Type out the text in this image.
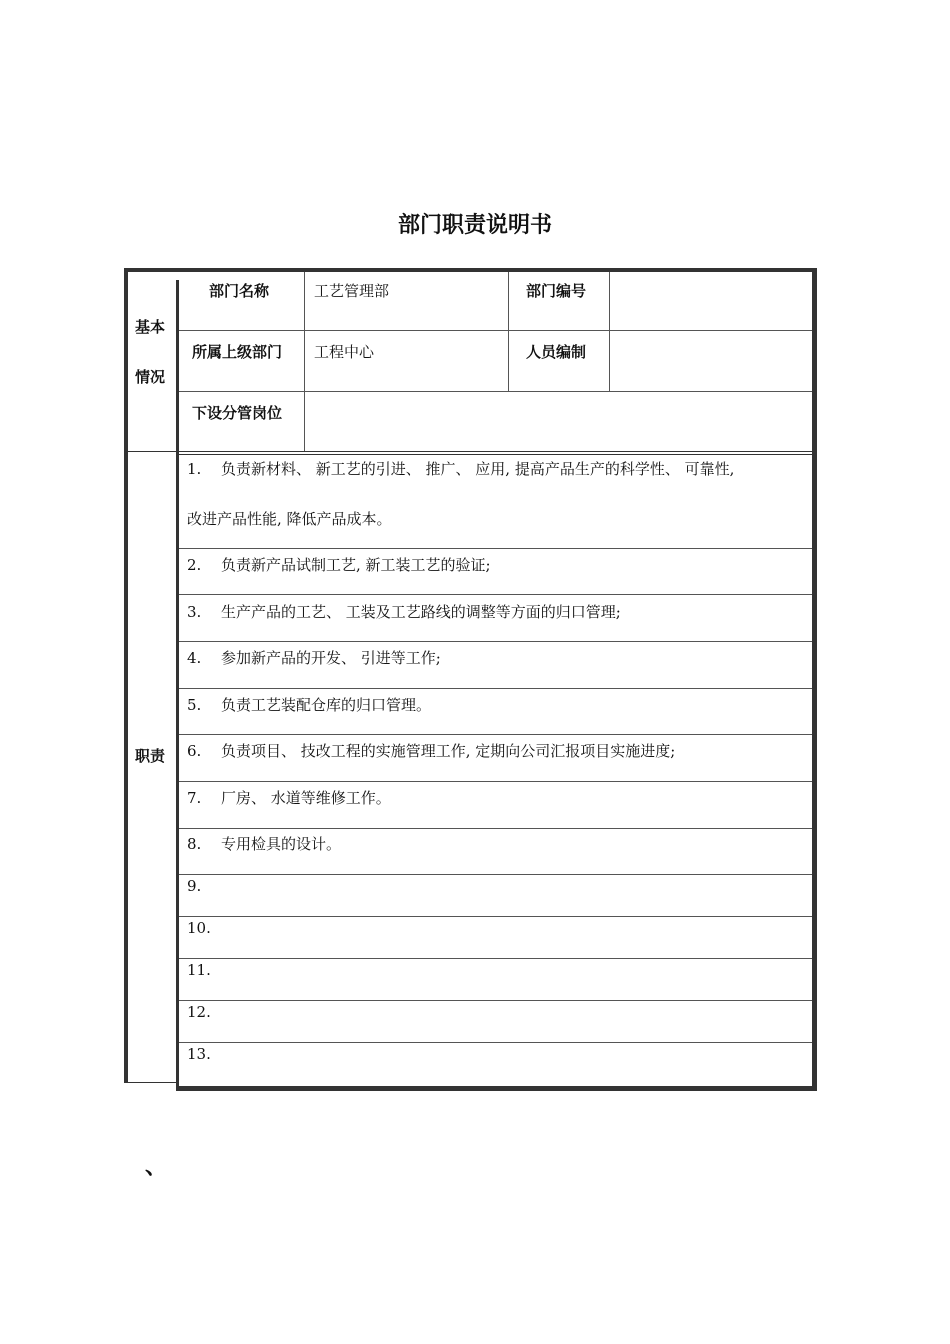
部门职责说明书
基本
情况
部门名称	工艺管理部	部门编号
所属上级部门 工程中心	人员编制
下设分管岗位
职责
1. 负责新材料、 新工艺的引进、 推广、 应用, 提高产品生产的科学性、 可靠性,
改进产品性能, 降低产品成本。
2. 负责新产品试制工艺, 新工装工艺的验证;
3. 生产产品的工艺、 工装及工艺路线的调整等方面的归口管理;
4. 参加新产品的开发、 引进等工作;
5. 负责工艺装配仓库的归口管理。
6. 负责项目、 技改工程的实施管理工作, 定期向公司汇报项目实施进度;
7. 厂房、 水道等维修工作。
8. 专用检具的设计。
9.
10.
11.
12.
13.
、
